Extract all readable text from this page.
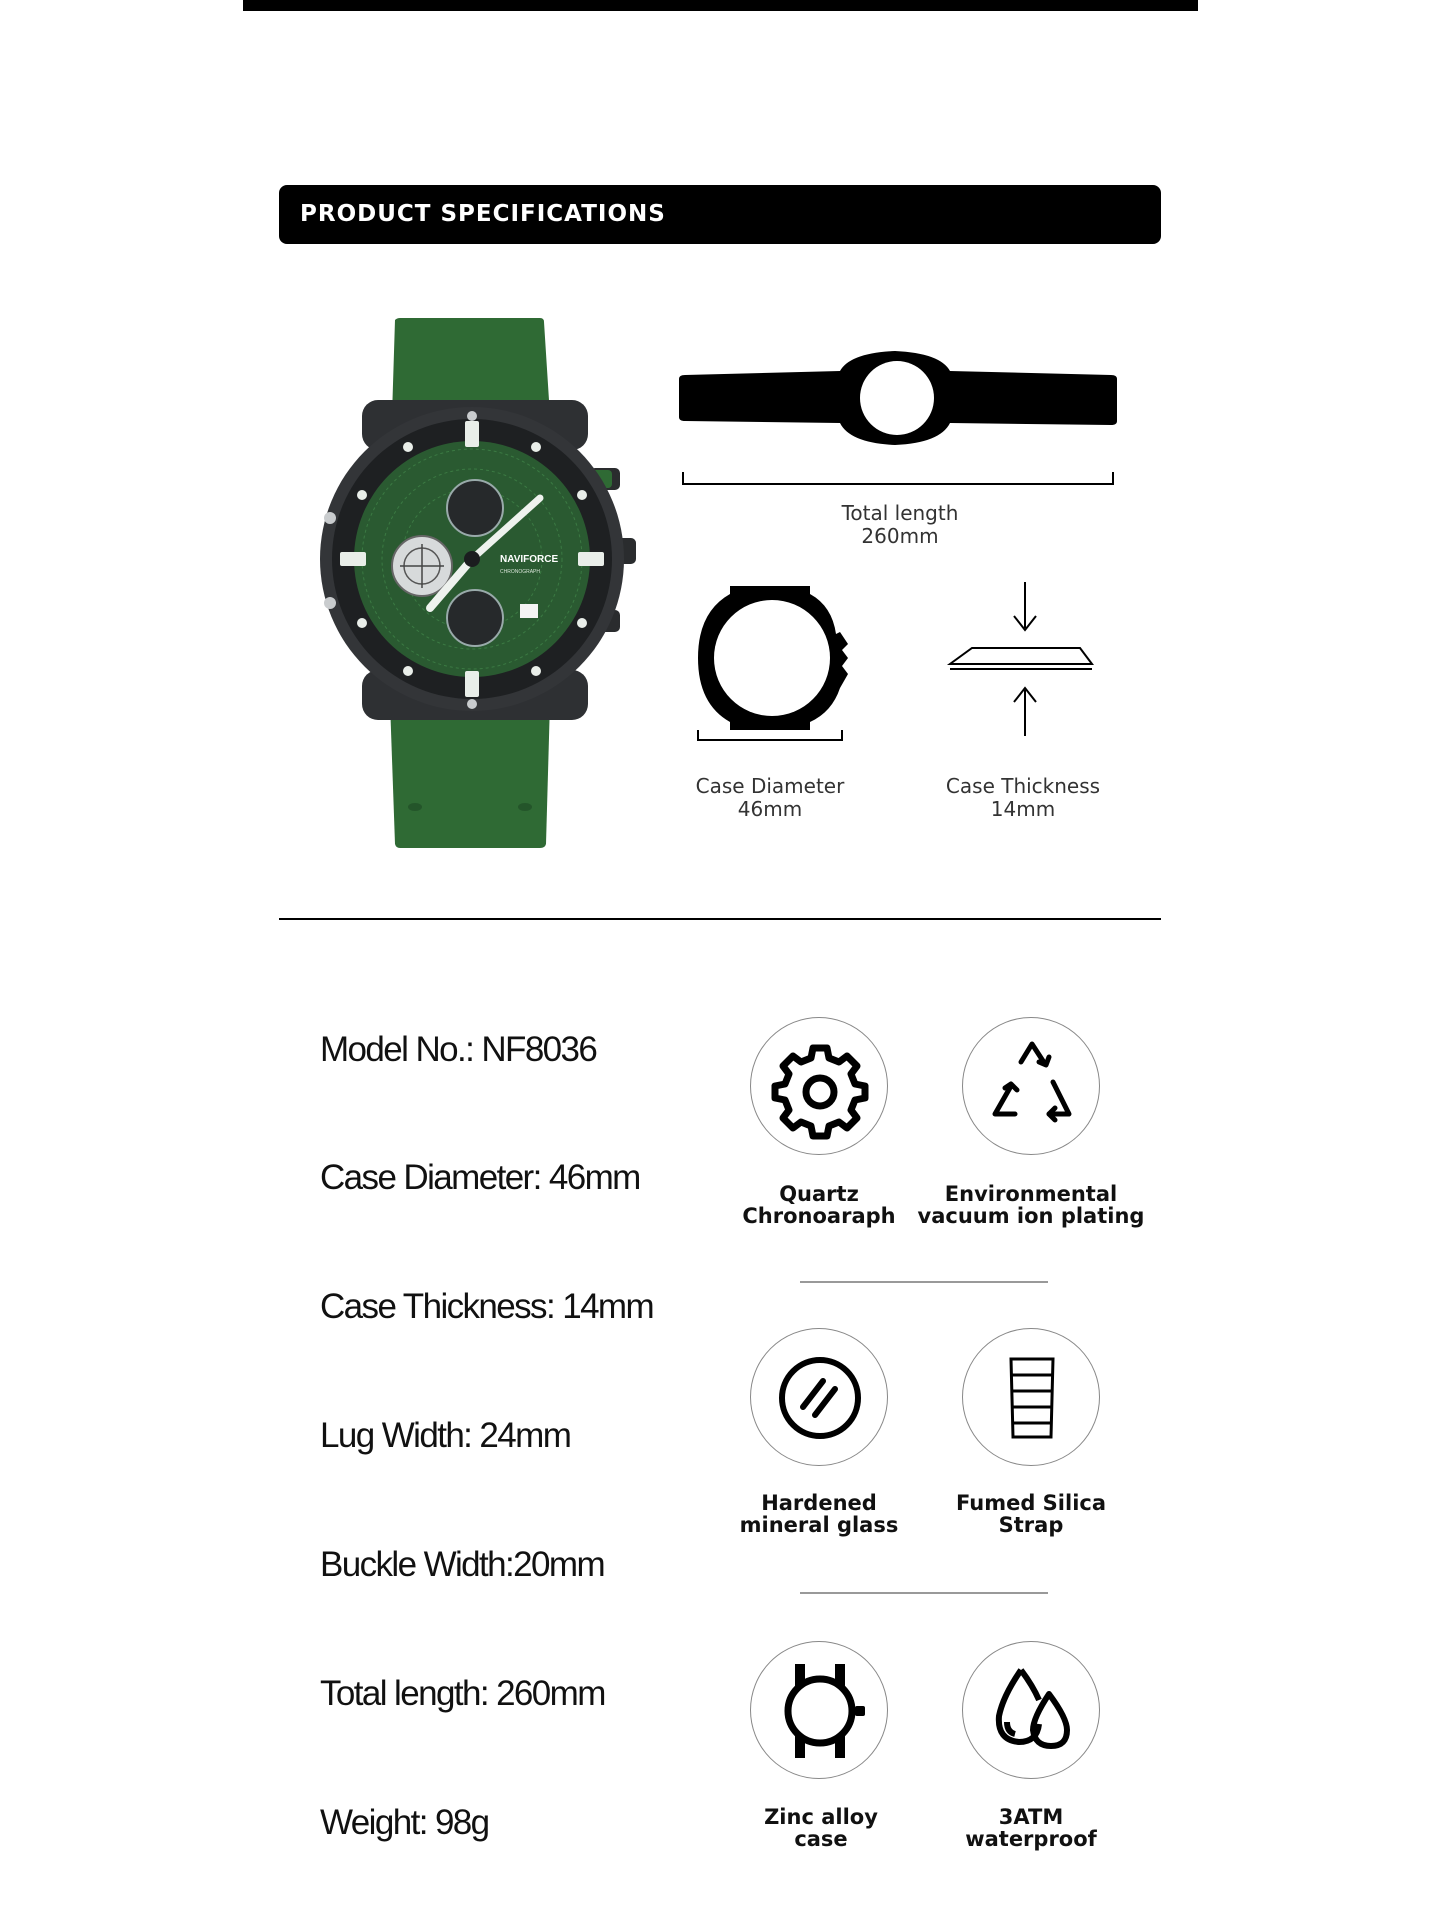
PRODUCT SPECIFICATIONS
NAVIFORCE
CHRONOGRAPH
Total length
260mm
Case Diameter
46mm
Case Thickness
14mm
Model No.: NF8036
Case Diameter: 46mm
Case Thickness: 14mm
Lug Width: 24mm
Buckle Width:20mm
Total length: 260mm
Weight: 98g
Quartz
Chronoaraph
Environmental
vacuum ion plating
Hardened
mineral glass
Fumed Silica
Strap
Zinc alloy
case
3ATM
waterproof
